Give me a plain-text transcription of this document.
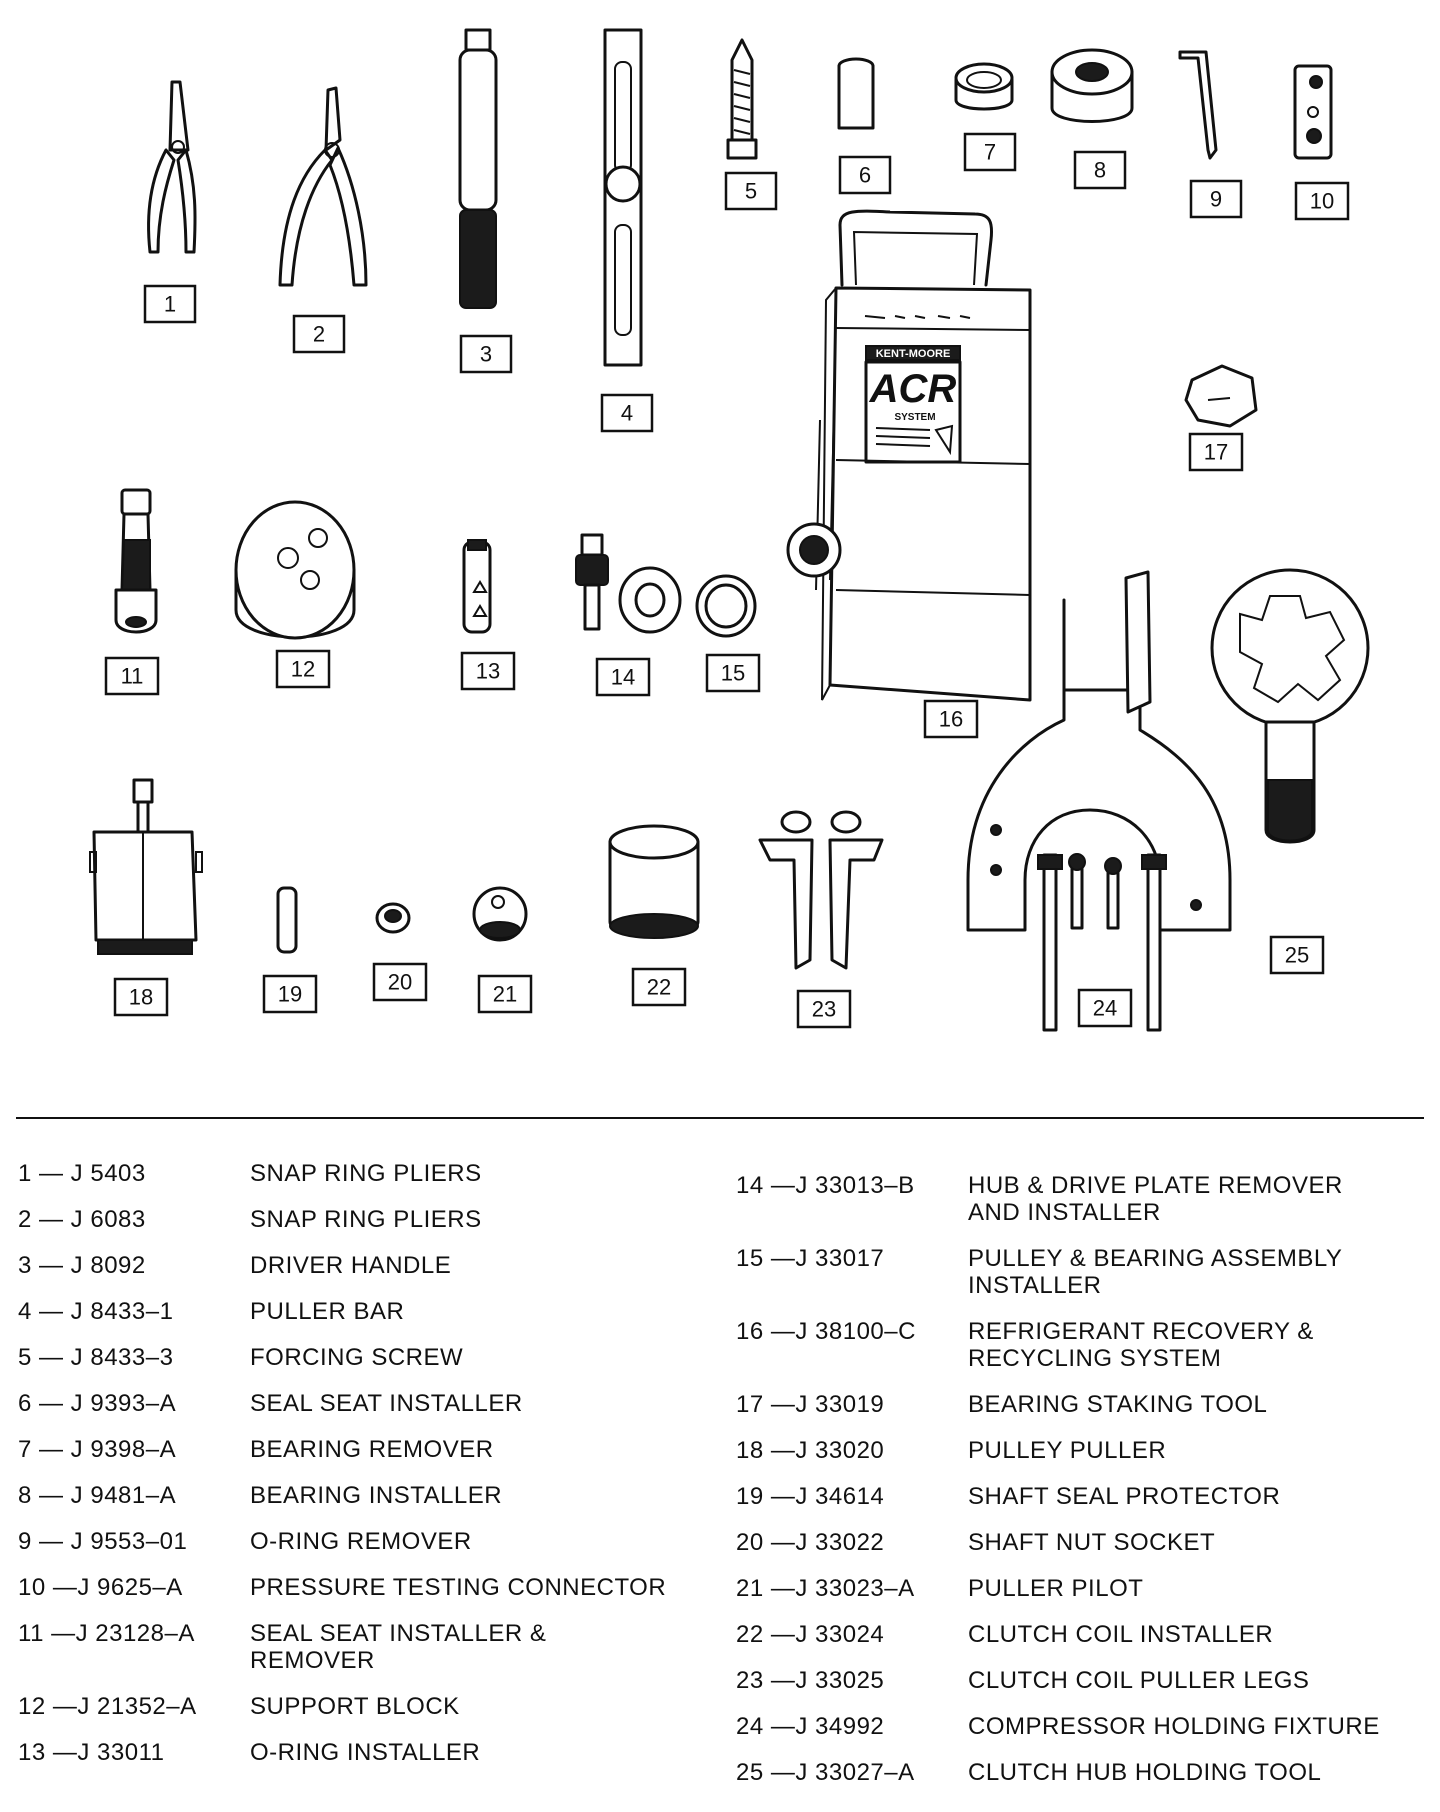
KENT-MOORE
ACR
SYSTEM
1
2
3
4
5
6
7
8
9	10
11	12	13	14	15
16
17
18	19	20	21	22
23	24
25
1 — J 5403	SNAP RING PLIERS
2 — J 6083	SNAP RING PLIERS
3 — J 8092	DRIVER HANDLE
4 — J 8433–1	PULLER BAR
5 — J 8433–3	FORCING SCREW
6 — J 9393–A	SEAL SEAT INSTALLER
7 — J 9398–A	BEARING REMOVER
8 — J 9481–A	BEARING INSTALLER
9 — J 9553–01	O-RING REMOVER
10 —J 9625–A	PRESSURE TESTING CONNECTOR
11 —J 23128–A	SEAL SEAT INSTALLER & REMOVER
12 —J 21352–A	SUPPORT BLOCK
13 —J 33011	O-RING INSTALLER
14 —J 33013–B	HUB & DRIVE PLATE REMOVER AND INSTALLER
15 —J 33017	PULLEY & BEARING ASSEMBLY INSTALLER
16 —J 38100–C	REFRIGERANT RECOVERY & RECYCLING SYSTEM
17 —J 33019	BEARING STAKING TOOL
18 —J 33020	PULLEY PULLER
19 —J 34614	SHAFT SEAL PROTECTOR
20 —J 33022	SHAFT NUT SOCKET
21 —J 33023–A	PULLER PILOT
22 —J 33024	CLUTCH COIL INSTALLER
23 —J 33025	CLUTCH COIL PULLER LEGS
24 —J 34992	COMPRESSOR HOLDING FIXTURE
25 —J 33027–A	CLUTCH HUB HOLDING TOOL
